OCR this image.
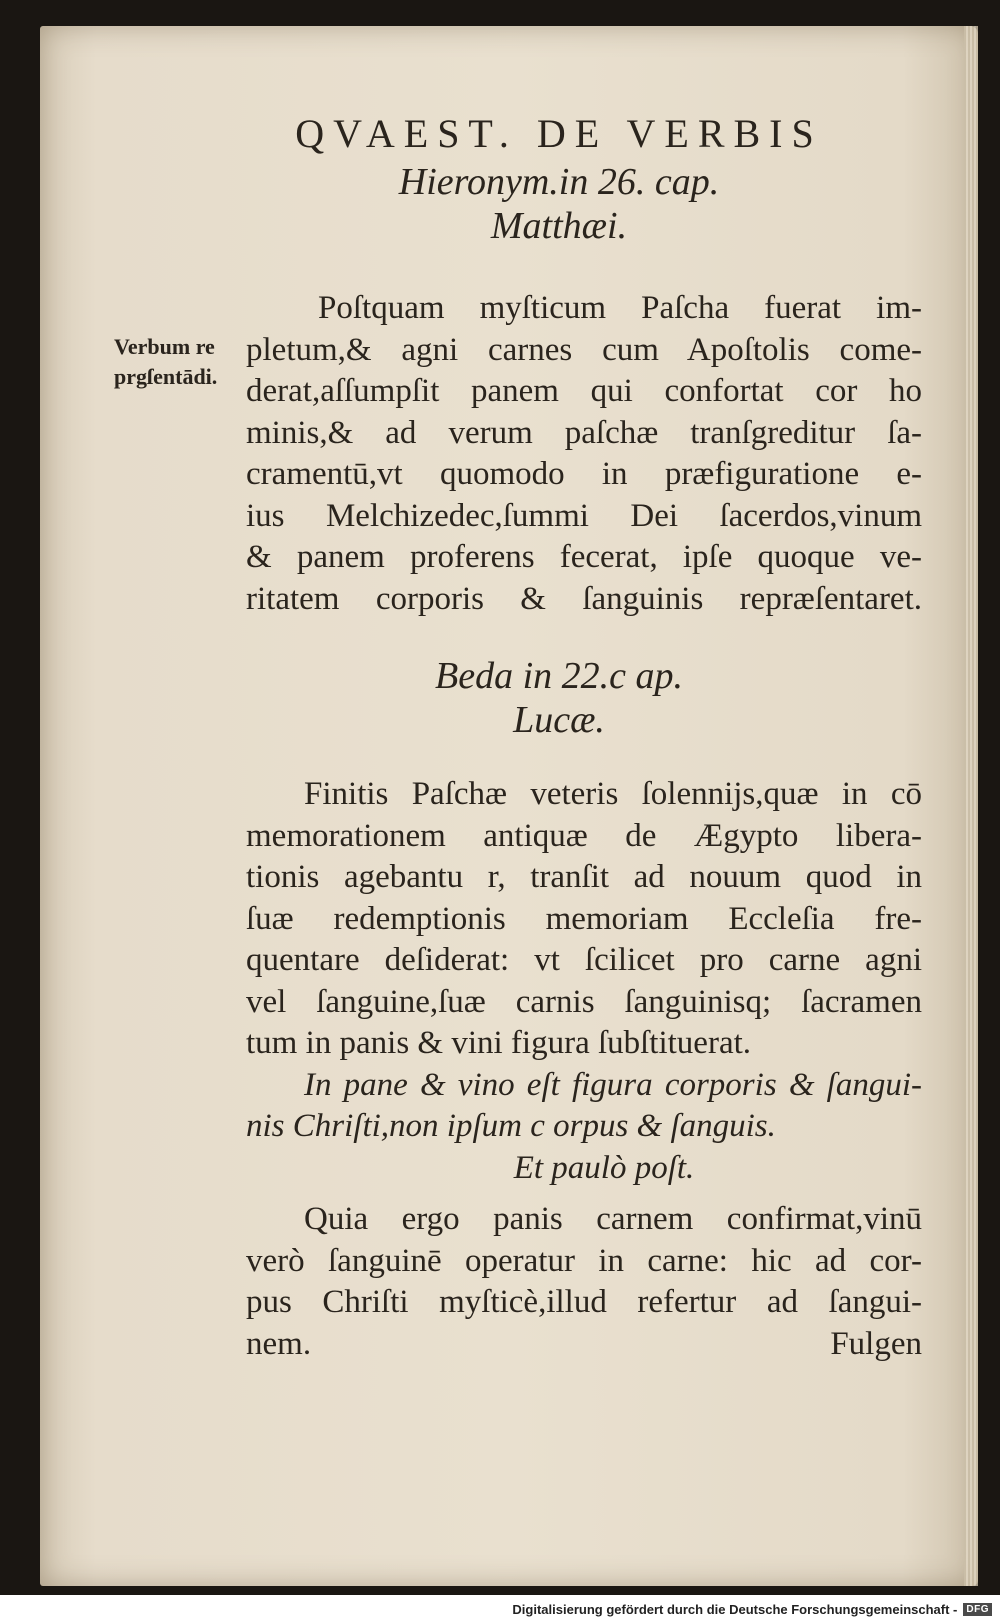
QVAEST. DE VERBIS
Verbum re
prgſentādi.
Hieronym.in 26. cap.
Matthæi.
Poſtquam myſticum Paſcha fuerat im-
pletum,& agni carnes cum Apoſtolis come-
derat,aſſumpſit panem qui confortat cor ho
minis,& ad verum paſchæ tranſgreditur ſa-
cramentū,vt quomodo in præfiguratione e-
ius Melchizedec,ſummi Dei ſacerdos,vinum
& panem proferens fecerat, ipſe quoque ve-
ritatem corporis & ſanguinis repræſentaret.
Beda in 22.c ap.
Lucæ.
Finitis Paſchæ veteris ſolennijs,quæ in cō
memorationem antiquæ de Ægypto libera-
tionis agebantu r, tranſit ad nouum quod in
ſuæ redemptionis memoriam Eccleſia fre-
quentare deſiderat: vt ſcilicet pro carne agni
vel ſanguine,ſuæ carnis ſanguinisq; ſacramen
tum in panis & vini figura ſubſtituerat.
In pane & vino eſt figura corporis & ſangui-
nis Chriſti,non ipſum c orpus & ſanguis.
Et paulò poſt.
Quia ergo panis carnem confirmat,vinū
verò ſanguinē operatur in carne: hic ad cor-
pus Chriſti myſticè,illud refertur ad ſangui-
nem.	Fulgen
Digitalisierung gefördert durch die Deutsche Forschungsgemeinschaft - DFG
